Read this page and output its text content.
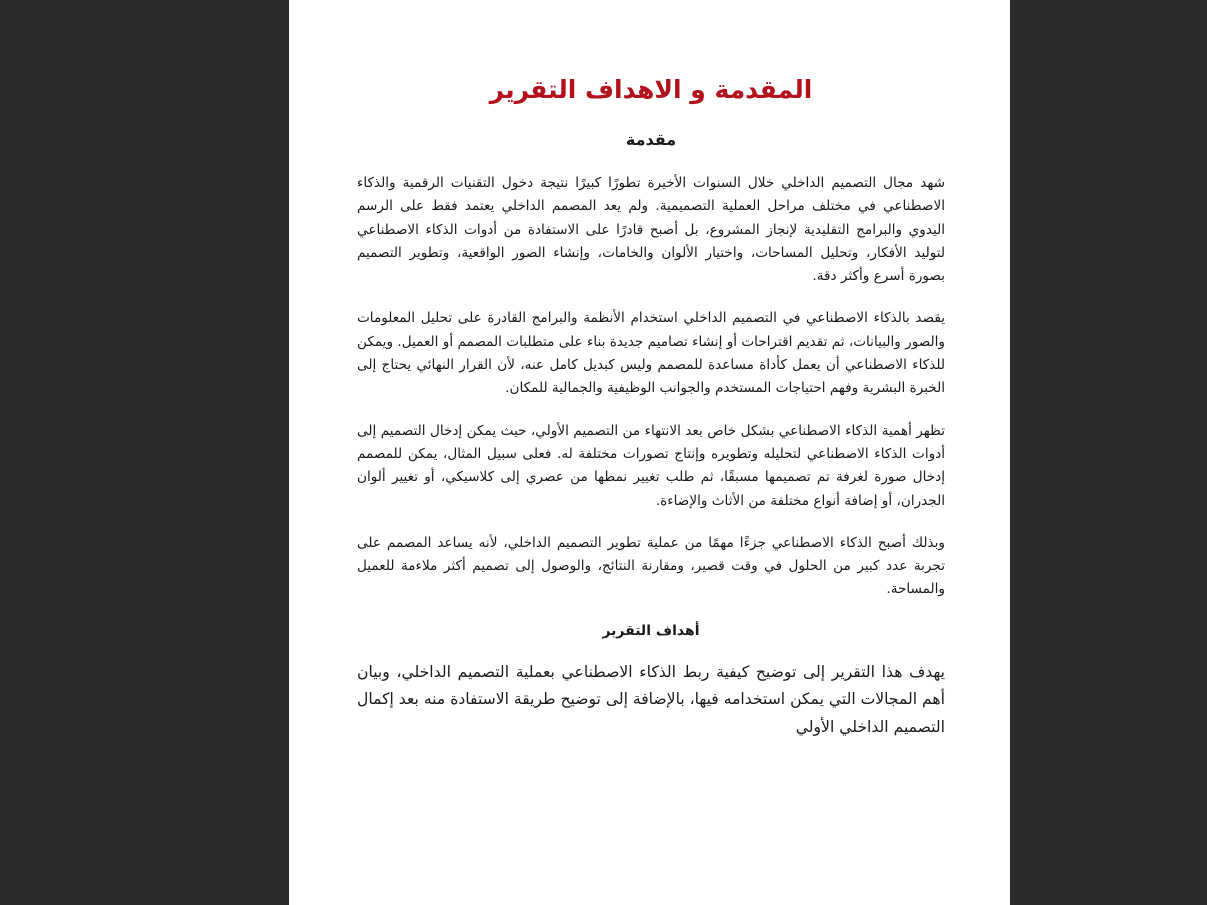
المقدمة و الاهداف التقرير
مقدمة

شهد مجال التصميم الداخلي خلال السنوات الأخيرة تطورًا كبيرًا نتيجة دخول التقنيات الرقمية والذكاء الاصطناعي في مختلف مراحل العملية التصميمية. ولم يعد المصمم الداخلي يعتمد فقط على الرسم اليدوي والبرامج التقليدية لإنجاز المشروع، بل أصبح قادرًا على الاستفادة من أدوات الذكاء الاصطناعي لتوليد الأفكار، وتحليل المساحات، واختيار الألوان والخامات، وإنشاء الصور الواقعية، وتطوير التصميم بصورة أسرع وأكثر دقة.

يقصد بالذكاء الاصطناعي في التصميم الداخلي استخدام الأنظمة والبرامج القادرة على تحليل المعلومات والصور والبيانات، ثم تقديم اقتراحات أو إنشاء تصاميم جديدة بناء على متطلبات المصمم أو العميل. ويمكن للذكاء الاصطناعي أن يعمل كأداة مساعدة للمصمم وليس كبديل كامل عنه، لأن القرار النهائي يحتاج إلى الخبرة البشرية وفهم احتياجات المستخدم والجوانب الوظيفية والجمالية للمكان.

تظهر أهمية الذكاء الاصطناعي بشكل خاص بعد الانتهاء من التصميم الأولي، حيث يمكن إدخال التصميم إلى أدوات الذكاء الاصطناعي لتحليله وتطويره وإنتاج تصورات مختلفة له. فعلى سبيل المثال، يمكن للمصمم إدخال صورة لغرفة تم تصميمها مسبقًا، ثم طلب تغيير نمطها من عصري إلى كلاسيكي، أو تغيير ألوان الجدران، أو إضافة أنواع مختلفة من الأثاث والإضاءة.

وبذلك أصبح الذكاء الاصطناعي جزءًا مهمًا من عملية تطوير التصميم الداخلي، لأنه يساعد المصمم على تجربة عدد كبير من الحلول في وقت قصير، ومقارنة النتائج، والوصول إلى تصميم أكثر ملاءمة للعميل والمساحة.

أهداف التقرير

يهدف هذا التقرير إلى توضيح كيفية ربط الذكاء الاصطناعي بعملية التصميم الداخلي، وبيان أهم المجالات التي يمكن استخدامه فيها، بالإضافة إلى توضيح طريقة الاستفادة منه بعد إكمال التصميم الداخلي الأولي
